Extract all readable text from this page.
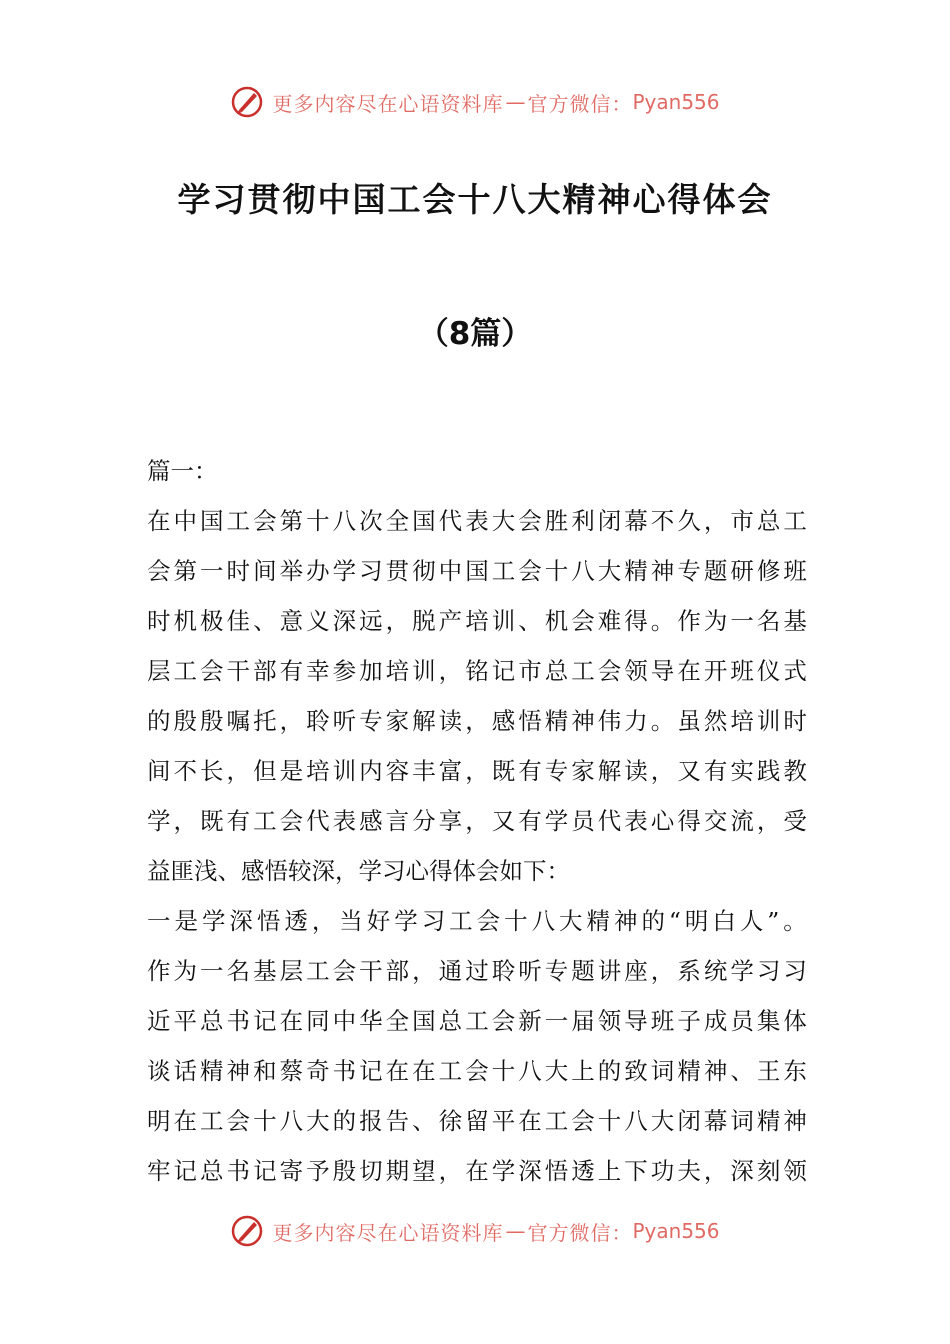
更多内容尽在心语资料库 — 官方微信： Pyan556
学习贯彻中国工会十八大精神心得体会
（8篇）
篇一：
在 中 国 工 会 第 十 八 次 全 国 代 表 大 会 胜 利 闭 幕 不 久 ， 市 总 工
会 第 一 时 间 举 办 学 习 贯 彻 中 国 工 会 十 八 大 精 神 专 题 研 修 班
时 机 极 佳 、 意 义 深 远 ， 脱 产 培 训 、 机 会 难 得 。 作 为 一 名 基
层 工 会 干 部 有 幸 参 加 培 训 ， 铭 记 市 总 工 会 领 导 在 开 班 仪 式
的 殷 殷 嘱 托 ， 聆 听 专 家 解 读 ， 感 悟 精 神 伟 力 。 虽 然 培 训 时
间 不 长 ， 但 是 培 训 内 容 丰 富 ， 既 有 专 家 解 读 ， 又 有 实 践 教
学 ， 既 有 工 会 代 表 感 言 分 享 ， 又 有 学 员 代 表 心 得 交 流 ， 受
益匪浅、感悟较深，学习心得体会如下：
一 是 学 深 悟 透 ， 当 好 学 习 工 会 十 八 大 精 神 的 “ 明 白 人 ” 。
作 为 一 名 基 层 工 会 干 部 ， 通 过 聆 听 专 题 讲 座 ， 系 统 学 习 习
近 平 总 书 记 在 同 中 华 全 国 总 工 会 新 一 届 领 导 班 子 成 员 集 体
谈 话 精 神 和 蔡 奇 书 记 在 在 工 会 十 八 大 上 的 致 词 精 神 、 王 东
明 在 工 会 十 八 大 的 报 告 、 徐 留 平 在 工 会 十 八 大 闭 幕 词 精 神
牢 记 总 书 记 寄 予 殷 切 期 望 ， 在 学 深 悟 透 上 下 功 夫 ， 深 刻 领
更多内容尽在心语资料库 — 官方微信： Pyan556
